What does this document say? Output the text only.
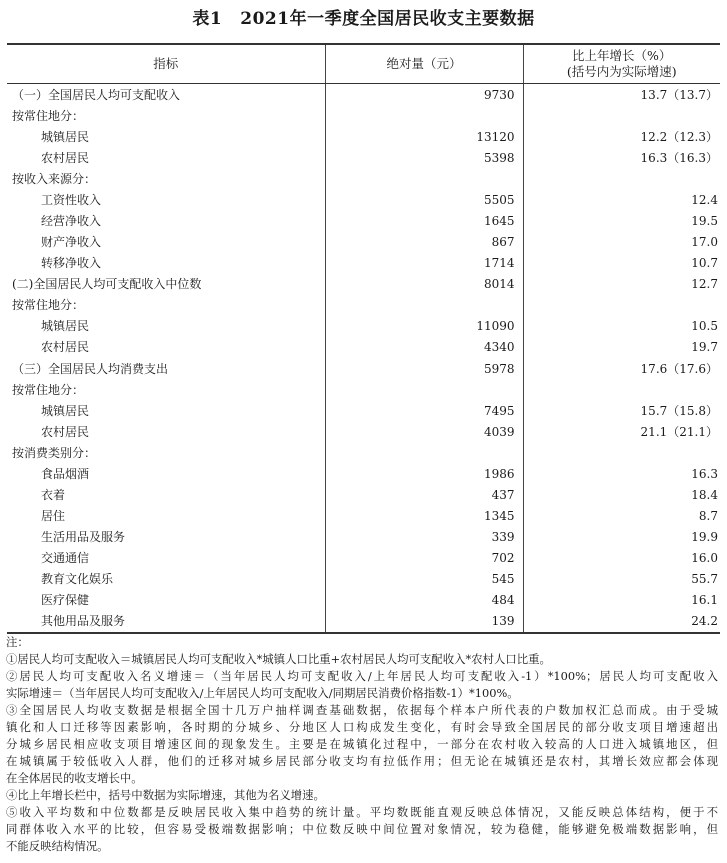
表1 2021年一季度全国居民收支主要数据
指标	绝对量（元）	比上年增长（%）
(括号内为实际增速)

（一）全国居民人均可支配收入	9730	13.7（13.7）
按常住地分：		
城镇居民	13120	12.2（12.3）
农村居民	5398	16.3（16.3）
按收入来源分：		
工资性收入	5505	12.4
经营净收入	1645	19.5
财产净收入	867	17.0
转移净收入	1714	10.7
(二)全国居民人均可支配收入中位数	8014	12.7
按常住地分：		
城镇居民	11090	10.5
农村居民	4340	19.7
（三）全国居民人均消费支出	5978	17.6（17.6）
按常住地分：		
城镇居民	7495	15.7（15.8）
农村居民	4039	21.1（21.1）
按消费类别分：		
食品烟酒	1986	16.3
衣着	437	18.4
居住	1345	8.7
生活用品及服务	339	19.9
交通通信	702	16.0
教育文化娱乐	545	55.7
医疗保健	484	16.1
其他用品及服务	139	24.2

注：

①居民人均可支配收入＝城镇居民人均可支配收入*城镇人口比重+农村居民人均可支配收入*农村人口比重。

②居民人均可支配收入名义增速＝（当年居民人均可支配收入/上年居民人均可支配收入-1）*100%；居民人均可支配收入

实际增速＝（当年居民人均可支配收入/上年居民人均可支配收入/同期居民消费价格指数-1）*100%。

③全国居民人均收支数据是根据全国十几万户抽样调查基础数据，依据每个样本户所代表的户数加权汇总而成。由于受城

镇化和人口迁移等因素影响，各时期的分城乡、分地区人口构成发生变化，有时会导致全国居民的部分收支项目增速超出

分城乡居民相应收支项目增速区间的现象发生。主要是在城镇化过程中，一部分在农村收入较高的人口进入城镇地区，但

在城镇属于较低收入人群，他们的迁移对城乡居民部分收支均有拉低作用；但无论在城镇还是农村，其增长效应都会体现

在全体居民的收支增长中。

④比上年增长栏中，括号中数据为实际增速，其他为名义增速。

⑤收入平均数和中位数都是反映居民收入集中趋势的统计量。平均数既能直观反映总体情况，又能反映总体结构，便于不

同群体收入水平的比较，但容易受极端数据影响；中位数反映中间位置对象情况，较为稳健，能够避免极端数据影响，但

不能反映结构情况。
